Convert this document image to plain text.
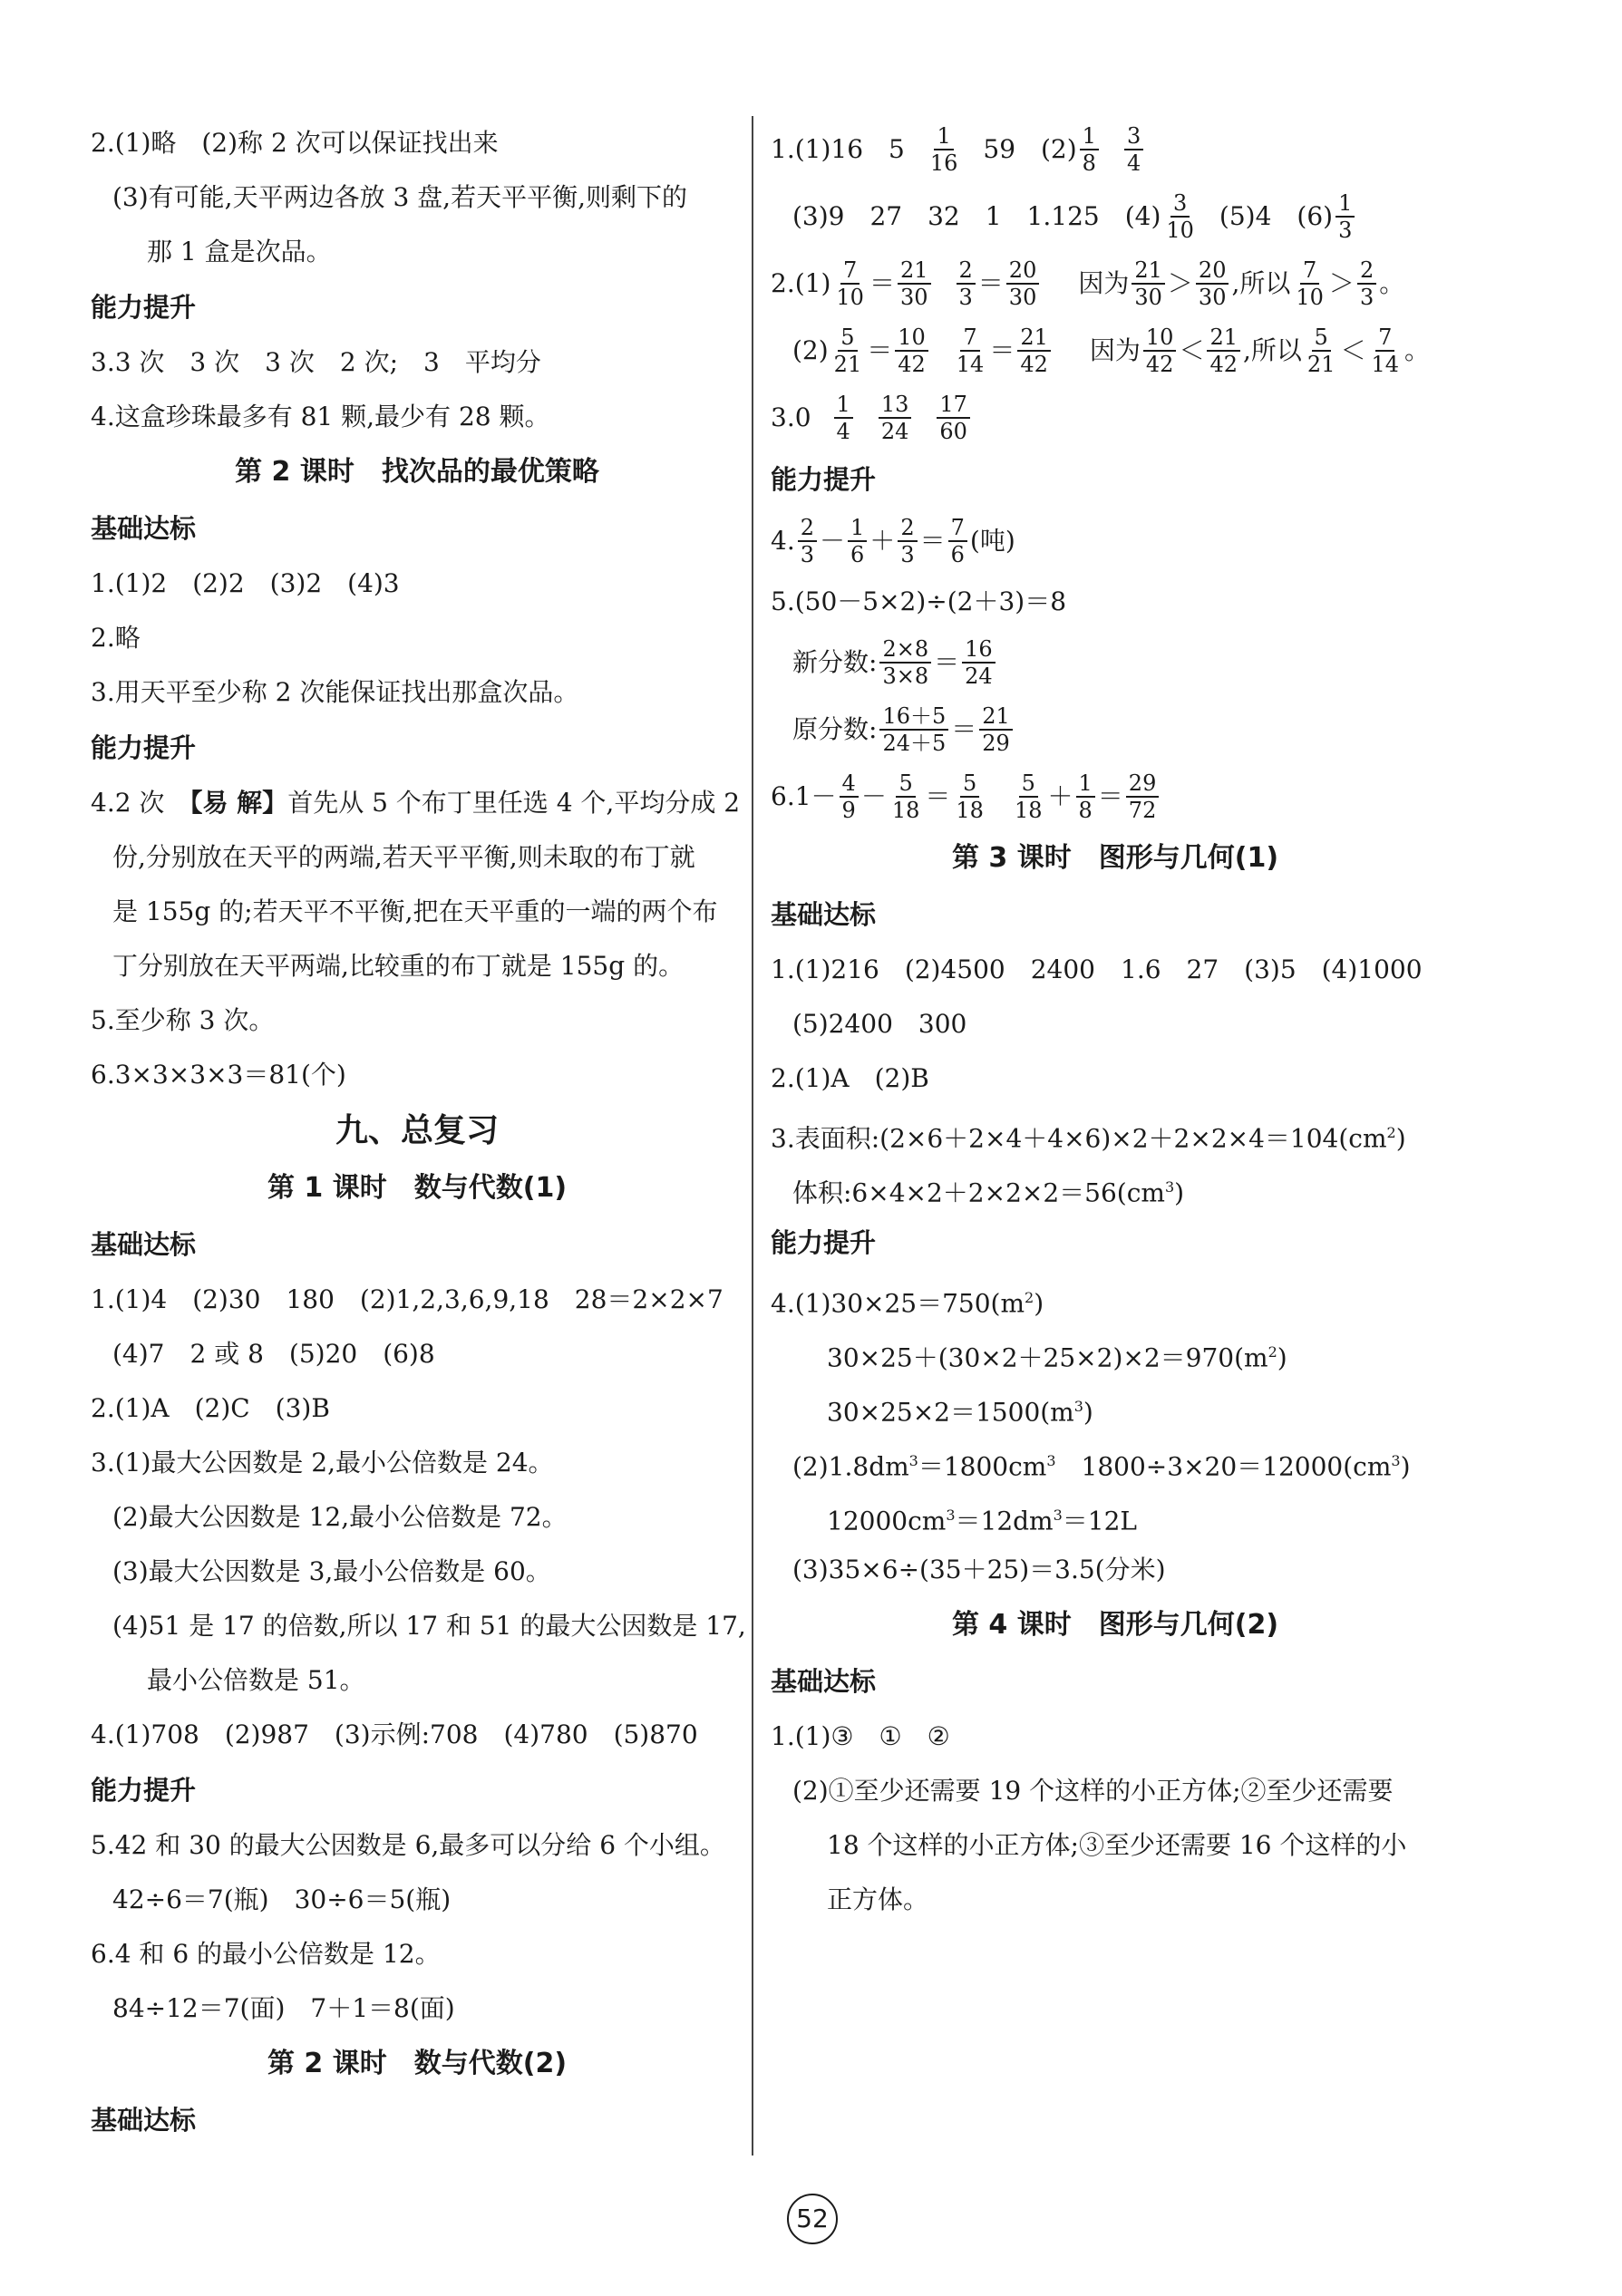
2.(1)略　(2)称 2 次可以保证找出来
(3)有可能,天平两边各放 3 盘,若天平平衡,则剩下的
那 1 盒是次品。
能力提升
3.3 次　3 次　3 次　2 次;　3　平均分
4.这盒珍珠最多有 81 颗,最少有 28 颗。
第 2 课时　找次品的最优策略
基础达标
1.(1)2　(2)2　(3)2　(4)3
2.略
3.用天平至少称 2 次能保证找出那盒次品。
能力提升
4.2 次　【易 解】首先从 5 个布丁里任选 4 个,平均分成 2
份,分别放在天平的两端,若天平平衡,则未取的布丁就
是 155g 的;若天平不平衡,把在天平重的一端的两个布
丁分别放在天平两端,比较重的布丁就是 155g 的。
5.至少称 3 次。
6.3×3×3×3＝81(个)
九、总复习
第 1 课时　数与代数(1)
基础达标
1.(1)4　(2)30　180　(2)1,2,3,6,9,18　28＝2×2×7
(4)7　2 或 8　(5)20　(6)8
2.(1)A　(2)C　(3)B
3.(1)最大公因数是 2,最小公倍数是 24。
(2)最大公因数是 12,最小公倍数是 72。
(3)最大公因数是 3,最小公倍数是 60。
(4)51 是 17 的倍数,所以 17 和 51 的最大公因数是 17,
最小公倍数是 51。
4.(1)708　(2)987　(3)示例:708　(4)780　(5)870
能力提升
5.42 和 30 的最大公因数是 6,最多可以分给 6 个小组。
42÷6＝7(瓶)　30÷6＝5(瓶)
6.4 和 6 的最小公倍数是 12。
84÷12＝7(面)　7＋1＝8(面)
第 2 课时　数与代数(2)
基础达标
1.(1)16　$5 \frac{1}{16} 59$　$(2) \frac{1}{8} \frac{3}{4}$
(3)9　27　32　1　1.125　$(4) \frac{3}{10} (5)4$　$(6) \frac{1}{3}$
$2.(1) \frac{7}{10} = \frac{21}{30} \frac{2}{3} = \frac{20}{30}$ 因为 $\frac{21}{30} > \frac{20}{30}$ ,所以 $\frac{7}{10} > \frac{2}{3}$ 。
$(2) \frac{5}{21} = \frac{10}{42} \frac{7}{14} = \frac{21}{42}$ 因为 $\frac{10}{42} < \frac{21}{42}$ ,所以 $\frac{5}{21} < \frac{7}{14}$ 。
$3.0 \frac{1}{4} \frac{13}{24} \frac{17}{60}$
能力提升
4. $\frac{2}{3} - \frac{1}{6} + \frac{2}{3} = \frac{7}{6}$ (吨)
5.(50－5×2)÷(2＋3)＝8
新分数: $\frac{2\times 8}{3\times 8} = \frac{16}{24}$
原分数: $\frac{16+5}{24+5} = \frac{21}{29}$
$6.1- \frac{4}{9} - \frac{5}{18} = \frac{5}{18} \frac{5}{18} + \frac{1}{8} = \frac{29}{72}$
第 3 课时　图形与几何(1)
基础达标
1.(1)216　(2)4500　2400　1.6　27　(3)5　(4)1000
(5)2400　300
2.(1)A　(2)B
3.表面积$:(2\times 6+2\times 4+4\times 6)\times 2+2\times 2\times 4=104(cm^2)$
体积$:6\times 4\times 2+2\times 2\times 2=56(cm^3)$
能力提升
$4.(1)30\times 25=750(m^2)$
$30\times 25+(30\times 2+25\times 2)\times 2=970(m^2)$
$30\times 25\times 2=1500(m^3)$
$(2)1.8dm^3=1800cm^3$　$1800\div 3\times 20=12000(cm^3)$
$12000cm^3=12dm^3=12L$
(3)35×6÷(35＋25)＝3.5(分米)
第 4 课时　图形与几何(2)
基础达标
1.(1)③　①　②
(2)①至少还需要 19 个这样的小正方体;②至少还需要
18 个这样的小正方体;③至少还需要 16 个这样的小
正方体。
52
